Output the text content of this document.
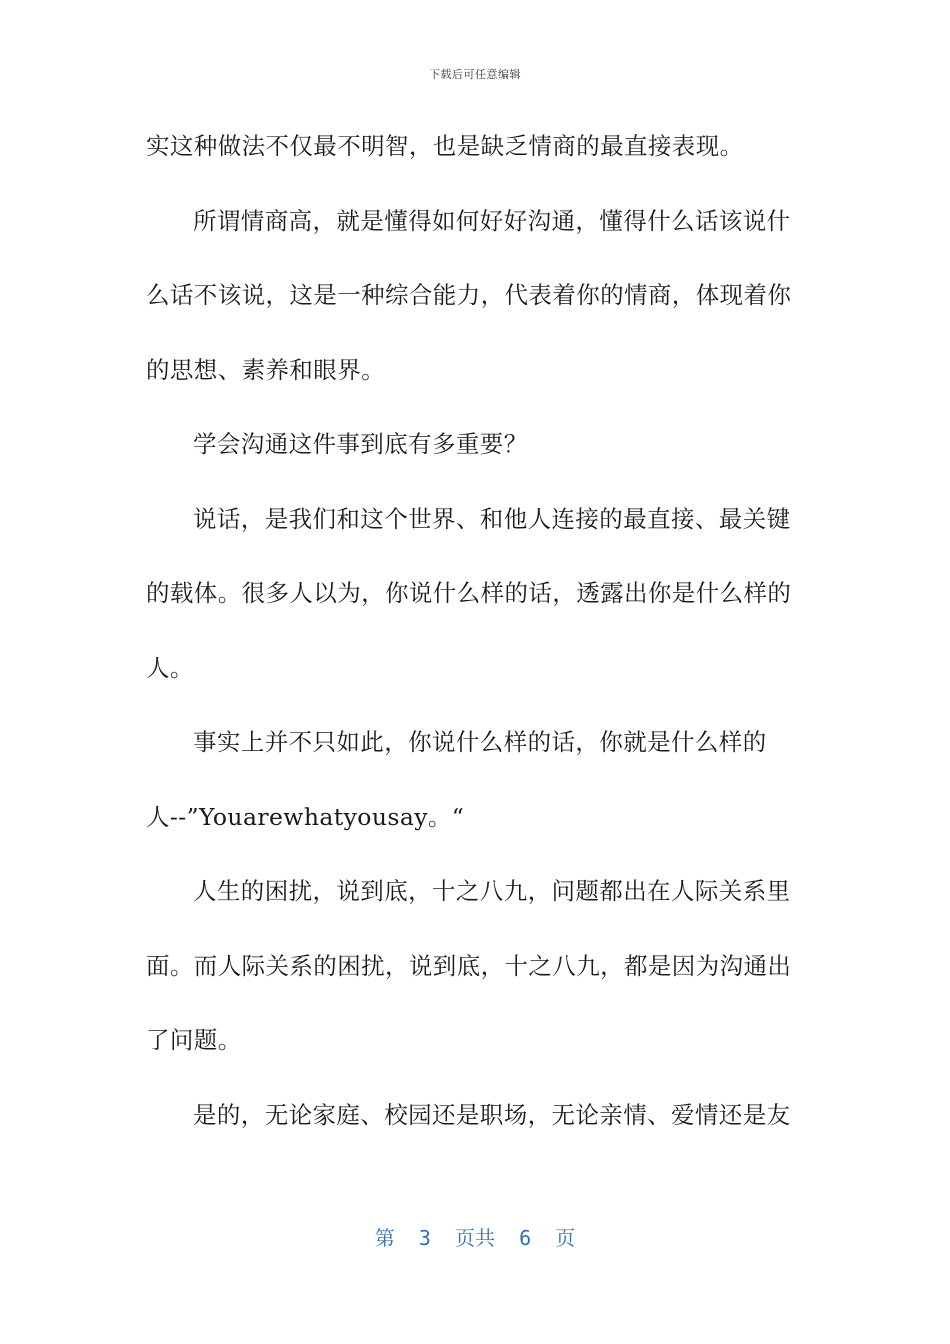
下载后可任意编辑
实这种做法不仅最不明智，也是缺乏情商的最直接表现。
所谓情商高，就是懂得如何好好沟通，懂得什么话该说什
么话不该说，这是一种综合能力，代表着你的情商，体现着你
的思想、素养和眼界。
学会沟通这件事到底有多重要？
说话，是我们和这个世界、和他人连接的最直接、最关键
的载体。很多人以为，你说什么样的话，透露出你是什么样的
人。
事实上并不只如此，你说什么样的话，你就是什么样的
人--”Youarewhatyousay。“
人生的困扰，说到底，十之八九，问题都出在人际关系里
面。而人际关系的困扰，说到底，十之八九，都是因为沟通出
了问题。
是的，无论家庭、校园还是职场，无论亲情、爱情还是友
第  3  页共  6  页
